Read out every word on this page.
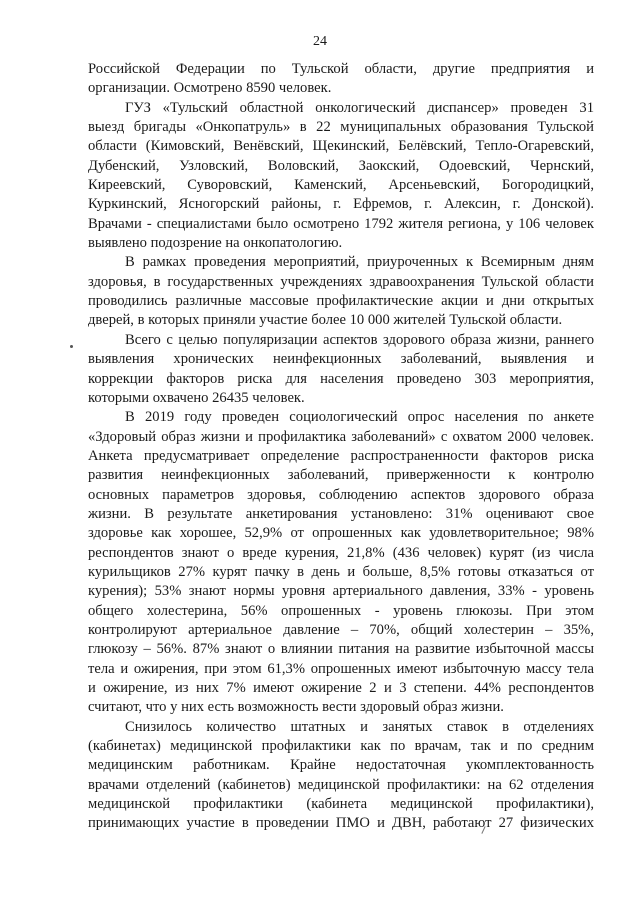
24
Российской Федерации по Тульской области, другие предприятия и
организации. Осмотрено 8590 человек.
ГУЗ «Тульский областной онкологический диспансер» проведен 31
выезд бригады «Онкопатруль» в 22 муниципальных образования Тульской
области (Кимовский, Венёвский, Щекинский, Белёвский, Тепло-Огаревский,
Дубенский, Узловский, Воловский, Заокский, Одоевский, Чернский,
Киреевский, Суворовский, Каменский, Арсеньевский, Богородицкий,
Куркинский, Ясногорский районы, г. Ефремов, г. Алексин, г. Донской).
Врачами - специалистами было осмотрено 1792 жителя региона, у 106 человек
выявлено подозрение на онкопатологию.
В рамках проведения мероприятий, приуроченных к Всемирным дням
здоровья, в государственных учреждениях здравоохранения Тульской области
проводились различные массовые профилактические акции и дни открытых
дверей, в которых приняли участие более 10 000 жителей Тульской области.
Всего с целью популяризации аспектов здорового образа жизни, раннего
выявления хронических неинфекционных заболеваний, выявления и
коррекции факторов риска для населения проведено 303 мероприятия,
которыми охвачено 26435 человек.
В 2019 году проведен социологический опрос населения по анкете
«Здоровый образ жизни и профилактика заболеваний» с охватом 2000 человек.
Анкета предусматривает определение распространенности факторов риска
развития неинфекционных заболеваний, приверженности к контролю
основных параметров здоровья, соблюдению аспектов здорового образа
жизни. В результате анкетирования установлено: 31% оценивают свое
здоровье как хорошее, 52,9% от опрошенных как удовлетворительное; 98%
респондентов знают о вреде курения, 21,8% (436 человек) курят (из числа
курильщиков 27% курят пачку в день и больше, 8,5% готовы отказаться от
курения); 53% знают нормы уровня артериального давления, 33% - уровень
общего холестерина, 56% опрошенных - уровень глюкозы. При этом
контролируют артериальное давление – 70%, общий холестерин – 35%,
глюкозу – 56%. 87% знают о влиянии питания на развитие избыточной массы
тела и ожирения, при этом 61,3% опрошенных имеют избыточную массу тела
и ожирение, из них 7% имеют ожирение 2 и 3 степени. 44% респондентов
считают, что у них есть возможность вести здоровый образ жизни.
Снизилось количество штатных и занятых ставок в отделениях
(кабинетах) медицинской профилактики как по врачам, так и по средним
медицинским работникам. Крайне недостаточная укомплектованность
врачами отделений (кабинетов) медицинской профилактики: на 62 отделения
медицинской профилактики (кабинета медицинской профилактики),
принимающих участие в проведении ПМО и ДВН, работают 27 физических
